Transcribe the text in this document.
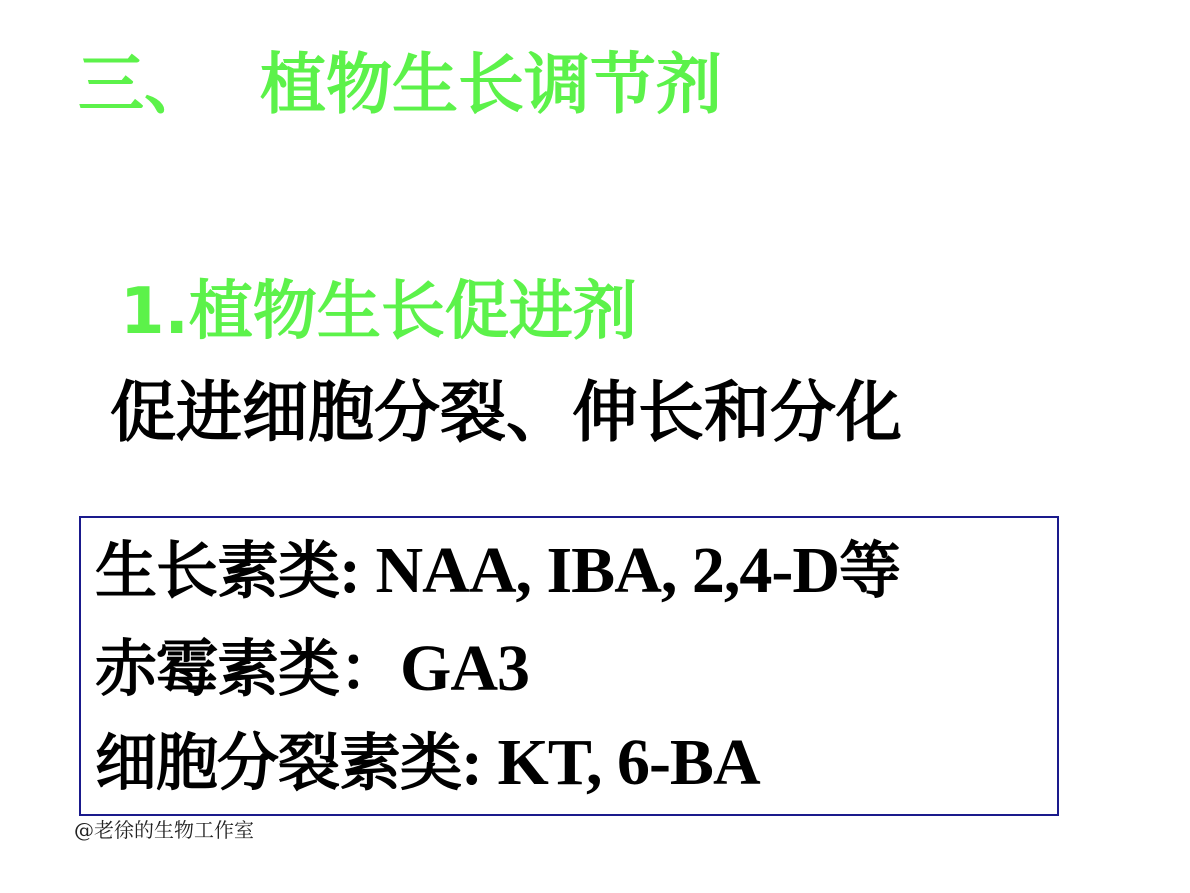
三、 植物生长调节剂
1.植物生长促进剂
促进细胞分裂、伸长和分化
生长素类: NAA, IBA, 2,4-D等
赤霉素类：GA3
细胞分裂素类: KT, 6-BA
@老徐的生物工作室
